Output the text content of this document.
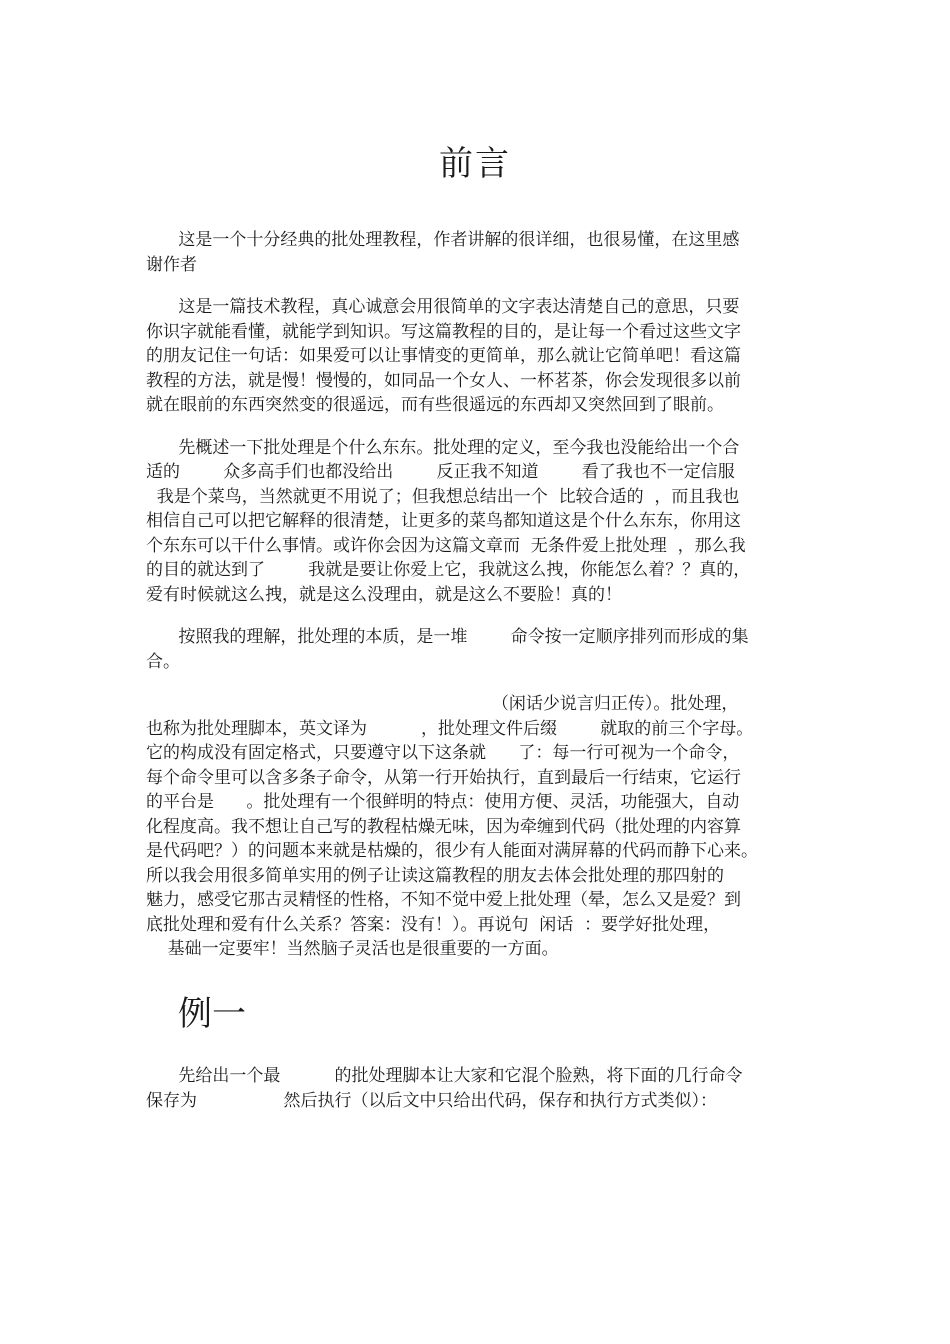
前言

这是一个十分经典的批处理教程，作者讲解的很详细，也很易懂，在这里感
谢作者

这是一篇技术教程，真心诚意会用很简单的文字表达清楚自己的意思，只要
你识字就能看懂，就能学到知识。写这篇教程的目的，是让每一个看过这些文字
的朋友记住一句话：如果爱可以让事情变的更简单，那么就让它简单吧！看这篇
教程的方法，就是慢！慢慢的，如同品一个女人、一杯茗茶，你会发现很多以前
就在眼前的东西突然变的很遥远，而有些很遥远的东西却又突然回到了眼前。

先概述一下批处理是个什么东东。批处理的定义，至今我也没能给出一个合
适的        众多高手们也都没给出        反正我不知道        看了我也不一定信服
我是个菜鸟，当然就更不用说了；但我想总结出一个  比较合适的  ，而且我也
相信自己可以把它解释的很清楚，让更多的菜鸟都知道这是个什么东东，你用这
个东东可以干什么事情。或许你会因为这篇文章而  无条件爱上批处理  ，那么我
的目的就达到了        我就是要让你爱上它，我就这么拽，你能怎么着？？真的，
爱有时候就这么拽，就是这么没理由，就是这么不要脸！真的！

按照我的理解，批处理的本质，是一堆        命令按一定顺序排列而形成的集
合。

（闲话少说言归正传）。批处理，
也称为批处理脚本，英文译为          ，批处理文件后缀        就取的前三个字母。
它的构成没有固定格式，只要遵守以下这条就      了：每一行可视为一个命令，
每个命令里可以含多条子命令，从第一行开始执行，直到最后一行结束，它运行
的平台是      。批处理有一个很鲜明的特点：使用方便、灵活，功能强大，自动
化程度高。我不想让自己写的教程枯燥无味，因为牵缠到代码（批处理的内容算
是代码吧？）的问题本来就是枯燥的，很少有人能面对满屏幕的代码而静下心来。
所以我会用很多简单实用的例子让读这篇教程的朋友去体会批处理的那四射的
魅力，感受它那古灵精怪的性格，不知不觉中爱上批处理（晕，怎么又是爱？到
底批处理和爱有什么关系？答案：没有！）。再说句  闲话  ：要学好批处理，
基础一定要牢！当然脑子灵活也是很重要的一方面。

例一

先给出一个最          的批处理脚本让大家和它混个脸熟，将下面的几行命令
保存为                然后执行（以后文中只给出代码，保存和执行方式类似）：
